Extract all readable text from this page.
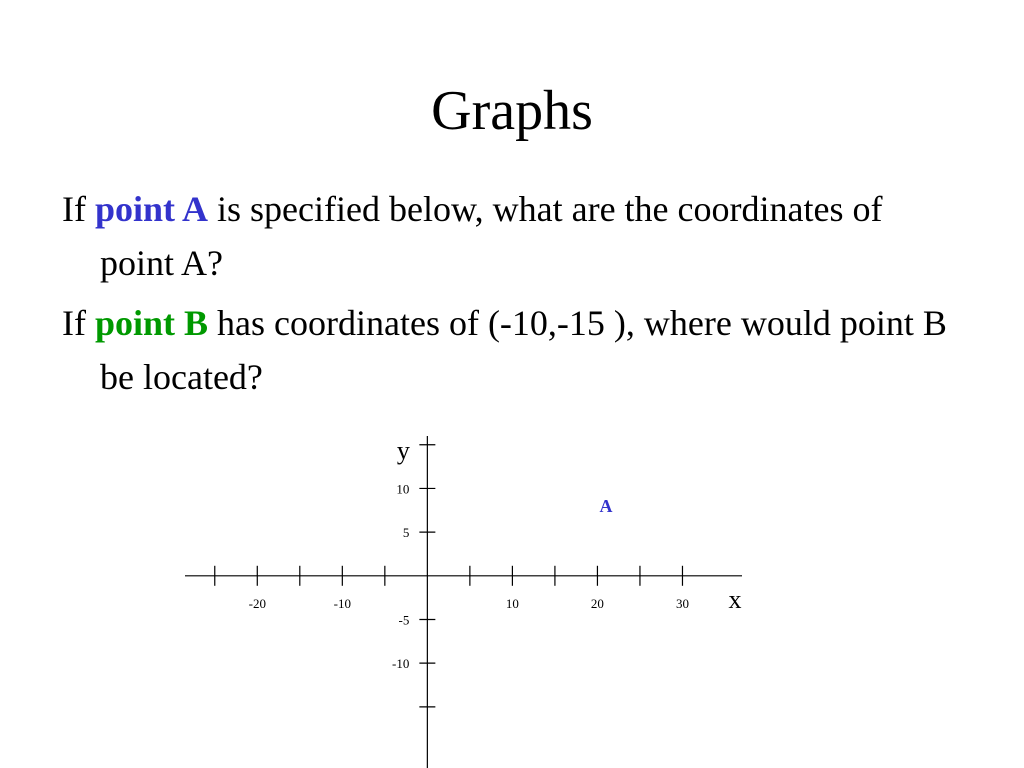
Graphs
If point A is specified below, what are the coordinates of point A?
If point B has coordinates of (-10,-15 ), where would point B be located?
-20	-10	10	20	30
10
5
-5
-10
x
y
A
